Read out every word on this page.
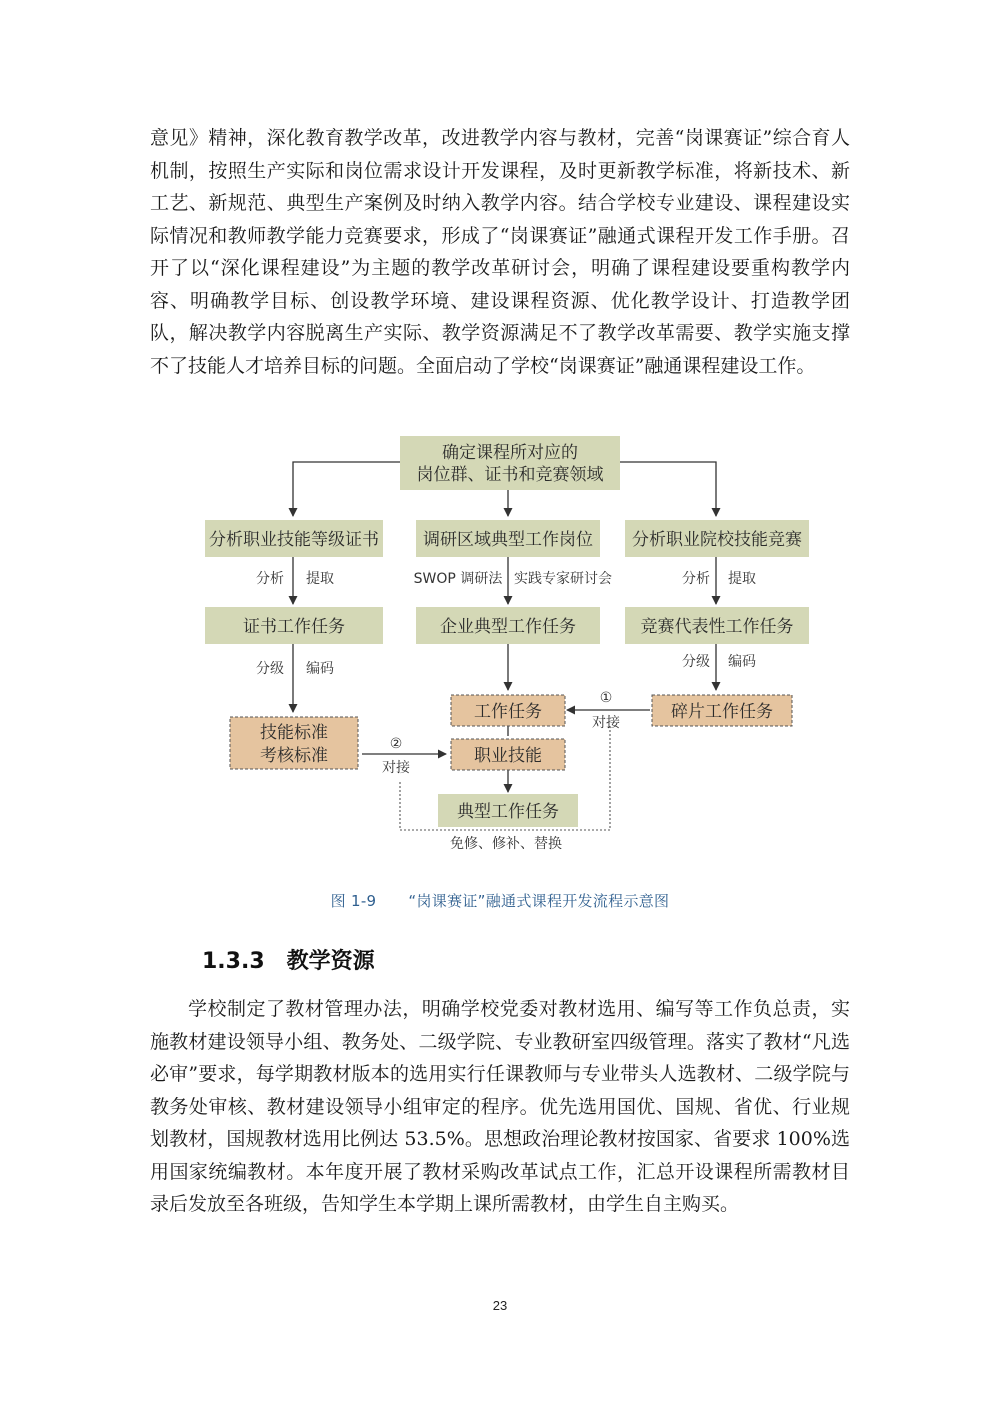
意见》精神，深化教育教学改革，改进教学内容与教材，完善“岗课赛证”综合育人机制，按照生产实际和岗位需求设计开发课程，及时更新教学标准，将新技术、新工艺、新规范、典型生产案例及时纳入教学内容。结合学校专业建设、课程建设实际情况和教师教学能力竞赛要求，形成了“岗课赛证”融通式课程开发工作手册。召开了以“深化课程建设”为主题的教学改革研讨会，明确了课程建设要重构教学内容、明确教学目标、创设教学环境、建设课程资源、优化教学设计、打造教学团队，解决教学内容脱离生产实际、教学资源满足不了教学改革需要、教学实施支撑不了技能人才培养目标的问题。全面启动了学校“岗课赛证”融通课程建设工作。

确定课程所对应的
岗位群、证书和竞赛领域
分析职业技能等级证书	调研区域典型工作岗位 分析职业院校技能竞赛
证书工作任务	企业典型工作任务	竞赛代表性工作任务
技能标准
考核标准
工作任务	碎片工作任务
职业技能
典型工作任务
分析 提取	SWOP 调研法 实践专家研讨会	分析 提取
分级 编码	分级 编码
①
对接
②
对接
免修、修补、替换
图 1-9 “岗课赛证”融通式课程开发流程示意图
1.3.3 教学资源

学校制定了教材管理办法，明确学校党委对教材选用、编写等工作负总责，实施教材建设领导小组、教务处、二级学院、专业教研室四级管理。落实了教材“凡选必审”要求，每学期教材版本的选用实行任课教师与专业带头人选教材、二级学院与教务处审核、教材建设领导小组审定的程序。优先选用国优、国规、省优、行业规划教材，国规教材选用比例达 53.5%。思想政治理论教材按国家、省要求 100%选用国家统编教材。本年度开展了教材采购改革试点工作，汇总开设课程所需教材目录后发放至各班级，告知学生本学期上课所需教材，由学生自主购买。

23
